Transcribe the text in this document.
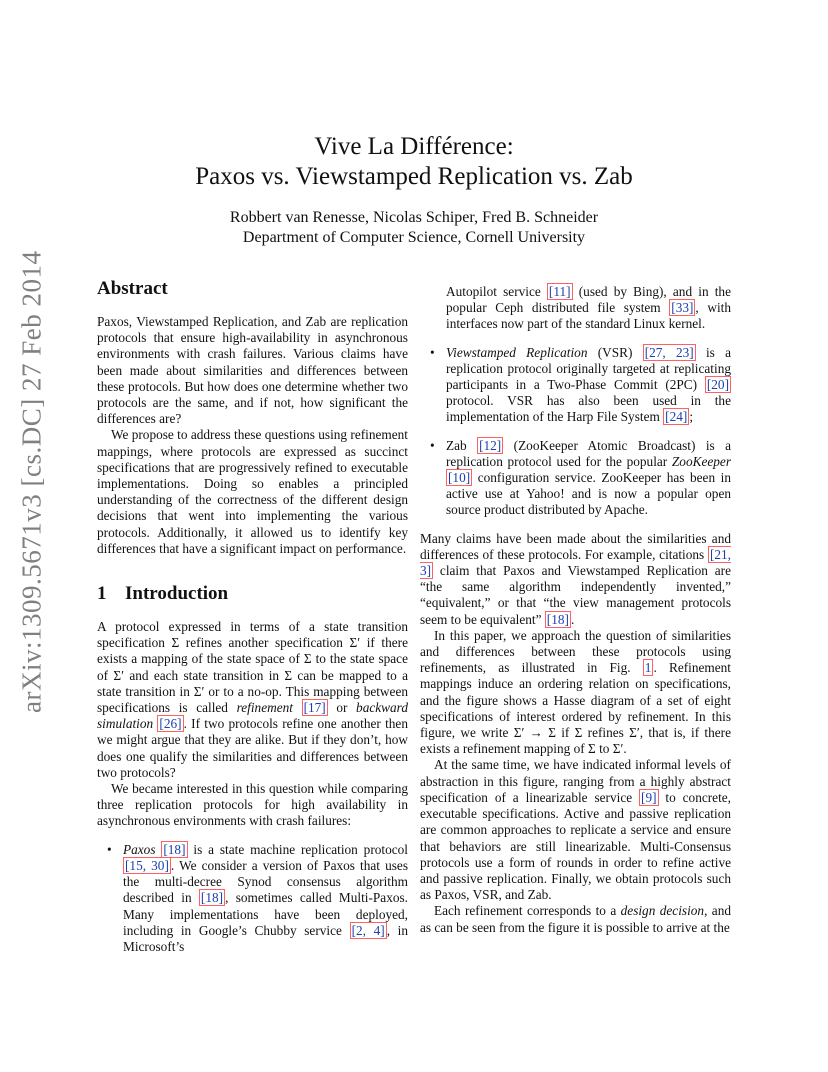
arXiv:1309.5671v3 [cs.DC] 27 Feb 2014
Vive La Différence:
Paxos vs. Viewstamped Replication vs. Zab
Robbert van Renesse, Nicolas Schiper, Fred B. Schneider
Department of Computer Science, Cornell University
Abstract

Paxos, Viewstamped Replication, and Zab are replication protocols that ensure high-availability in asynchronous environments with crash failures. Various claims have been made about similarities and differences between these protocols. But how does one determine whether two protocols are the same, and if not, how significant the differences are?

We propose to address these questions using refinement mappings, where protocols are expressed as succinct specifications that are progressively refined to executable implementations. Doing so enables a principled understanding of the correctness of the different design decisions that went into implementing the various protocols. Additionally, it allowed us to identify key differences that have a significant impact on performance.

1 Introduction

A protocol expressed in terms of a state transition specification Σ refines another specification Σ′ if there exists a mapping of the state space of Σ to the state space of Σ′ and each state transition in Σ can be mapped to a state transition in Σ′ or to a no-op. This mapping between specifications is called refinement [17] or backward simulation [26] . If two protocols refine one another then we might argue that they are alike. But if they don’t, how does one qualify the similarities and differences between two protocols?

We became interested in this question while comparing three replication protocols for high availability in asynchronous environments with crash failures:

• Paxos [18] is a state machine replication protocol [15, 30] . We consider a version of Paxos that uses the multi-decree Synod consensus algorithm described in [18] , sometimes called Multi-Paxos. Many implementations have been deployed, including in Google’s Chubby service [2, 4] , in Microsoft’s

Autopilot service [11] (used by Bing), and in the popular Ceph distributed file system [33] , with interfaces now part of the standard Linux kernel.

• Viewstamped Replication (VSR) [27, 23] is a replication protocol originally targeted at replicating participants in a Two-Phase Commit (2PC) [20] protocol. VSR has also been used in the implementation of the Harp File System [24] ;
• Zab [12] (ZooKeeper Atomic Broadcast) is a replication protocol used for the popular ZooKeeper [10] configuration service. ZooKeeper has been in active use at Yahoo! and is now a popular open source product distributed by Apache.

Many claims have been made about the similarities and differences of these protocols. For example, citations [21, 3] claim that Paxos and Viewstamped Replication are “the same algorithm independently invented,” “equivalent,” or that “the view management protocols seem to be equivalent” [18] .

In this paper, we approach the question of similarities and differences between these protocols using refinements, as illustrated in Fig. 1 . Refinement mappings induce an ordering relation on specifications, and the figure shows a Hasse diagram of a set of eight specifications of interest ordered by refinement. In this figure, we write Σ′ → Σ if Σ refines Σ′, that is, if there exists a refinement mapping of Σ to Σ′.

At the same time, we have indicated informal levels of abstraction in this figure, ranging from a highly abstract specification of a linearizable service [9] to concrete, executable specifications. Active and passive replication are common approaches to replicate a service and ensure that behaviors are still linearizable. Multi-Consensus protocols use a form of rounds in order to refine active and passive replication. Finally, we obtain protocols such as Paxos, VSR, and Zab.

Each refinement corresponds to a design decision, and as can be seen from the figure it is possible to arrive at the
